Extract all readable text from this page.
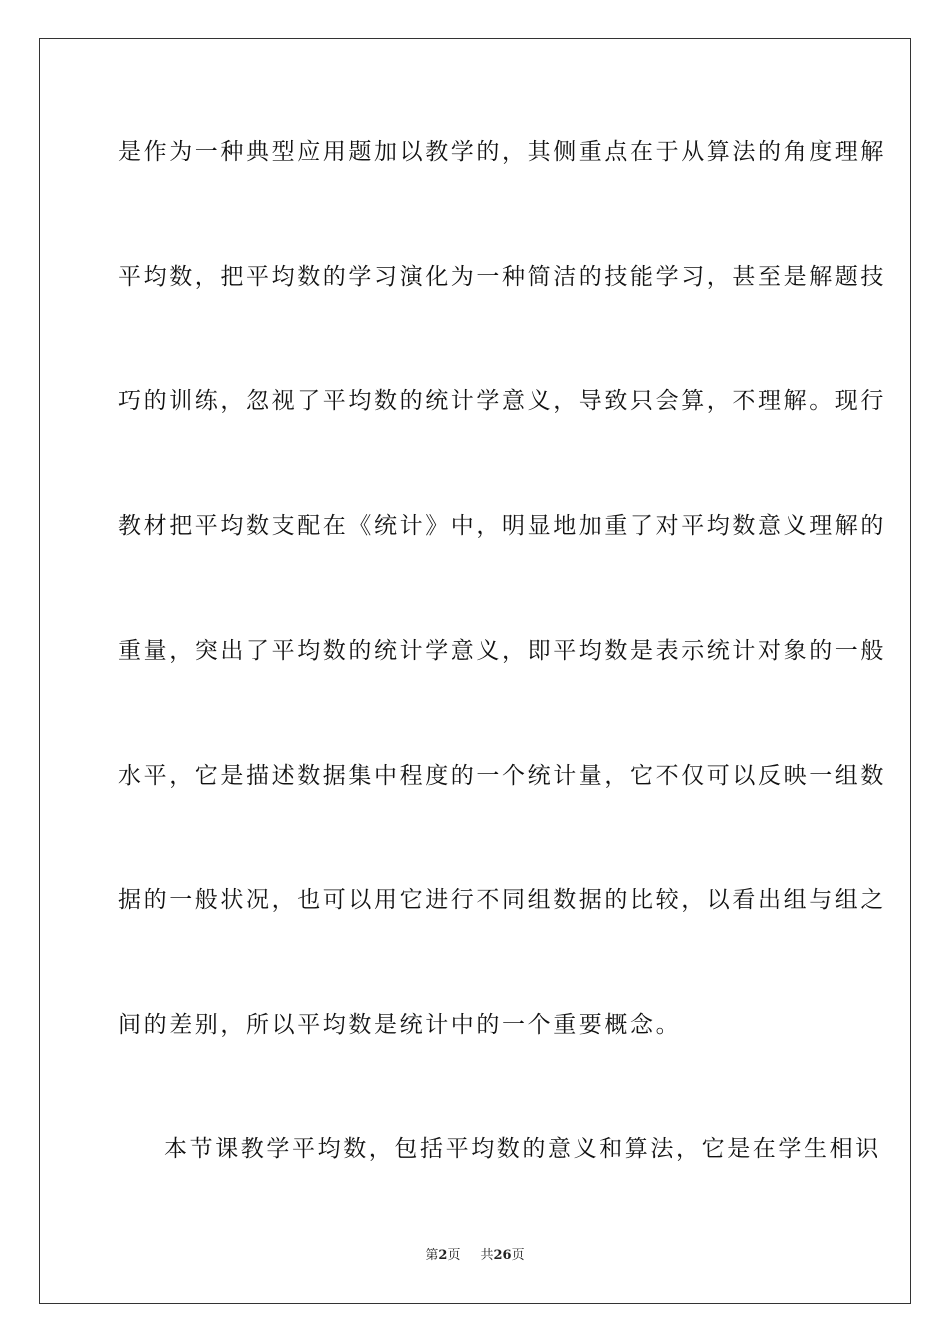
是作为一种典型应用题加以教学的，其侧重点在于从算法的角度理解
平均数，把平均数的学习演化为一种简洁的技能学习，甚至是解题技
巧的训练，忽视了平均数的统计学意义，导致只会算，不理解。现行
教材把平均数支配在《统计》中，明显地加重了对平均数意义理解的
重量，突出了平均数的统计学意义，即平均数是表示统计对象的一般
水平，它是描述数据集中程度的一个统计量，它不仅可以反映一组数
据的一般状况，也可以用它进行不同组数据的比较，以看出组与组之
间的差别，所以平均数是统计中的一个重要概念。
本节课教学平均数，包括平均数的意义和算法，它是在学生相识
第2页 共26页
